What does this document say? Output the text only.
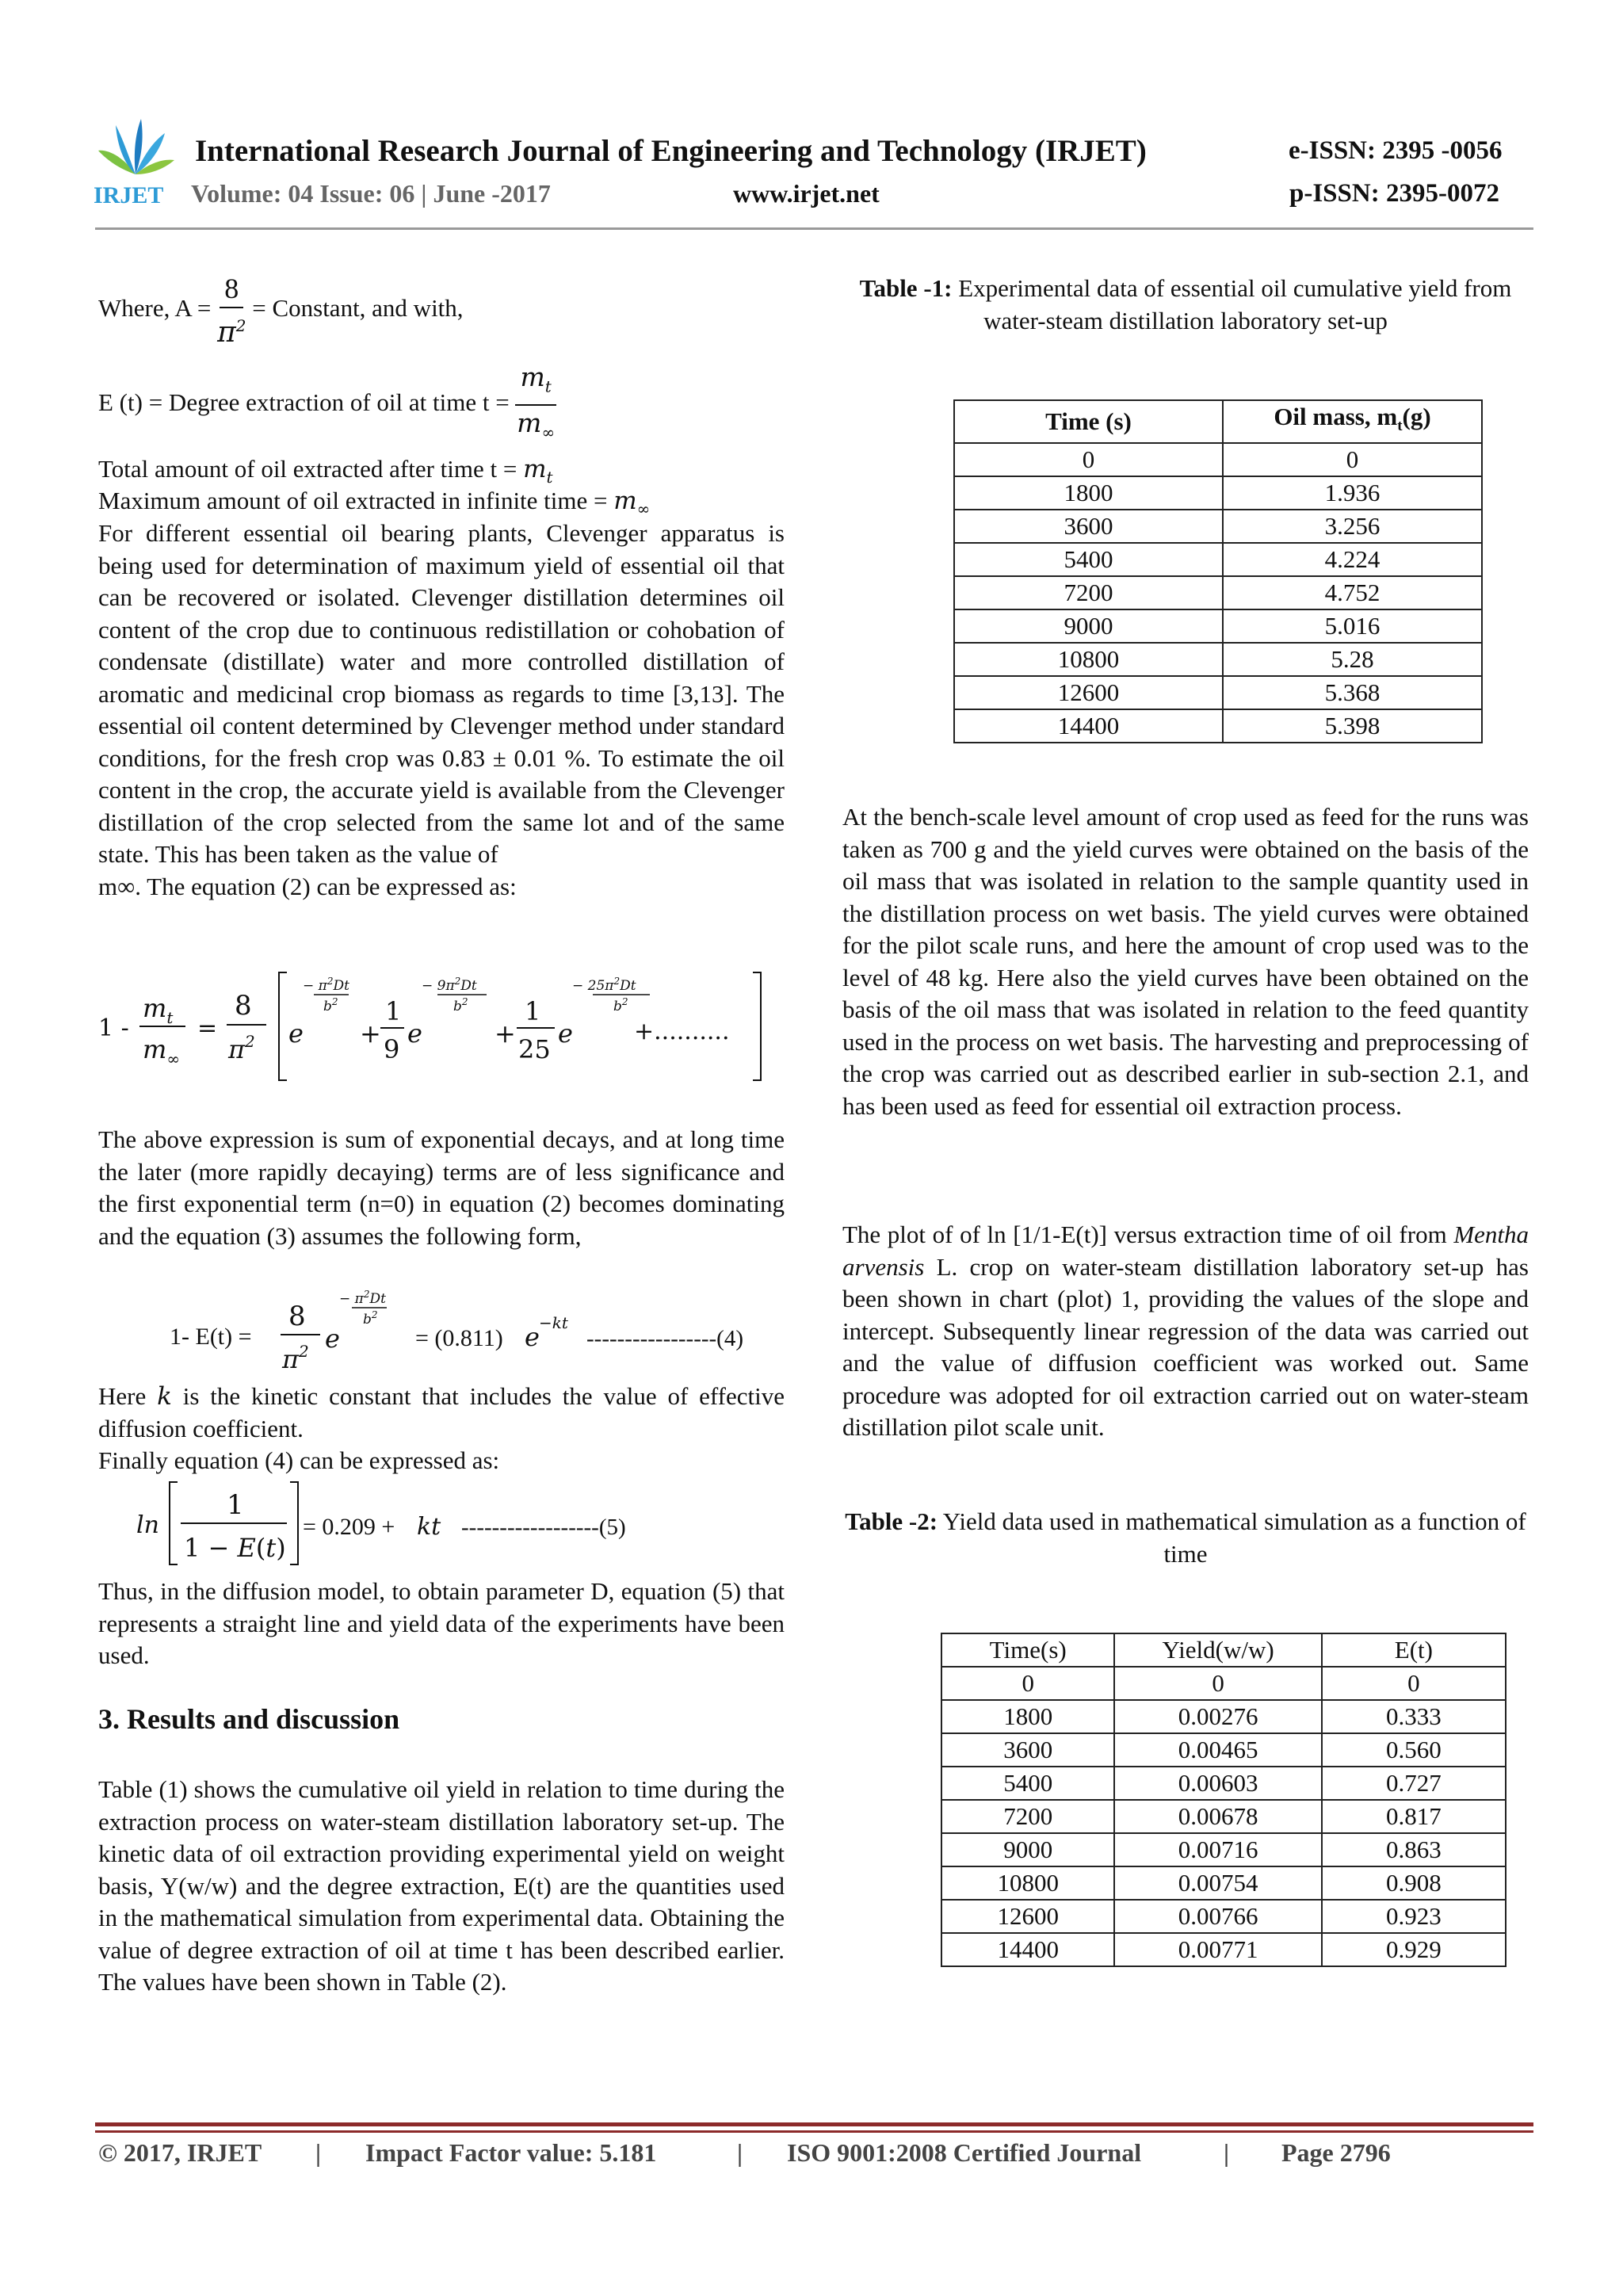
IRJET
International Research Journal of Engineering and Technology (IRJET)
Volume: 04 Issue: 06 | June -2017	www.irjet.net
e-ISSN: 2395 -0056
p-ISSN: 2395-0072
Where, $A = \frac{8}{\pi^2}$ = Constant, and with,
E (t) = Degree extraction of oil at time $t = \frac{m_t}{m_\infty}$
Total amount of oil extracted after time $t = m_t$
Maximum amount of oil extracted in infinite time = $m_\infty$
For different essential oil bearing plants, Clevenger apparatus is being used for determination of maximum yield of essential oil that can be recovered or isolated. Clevenger distillation determines oil content of the crop due to continuous redistillation or cohobation of condensate (distillate) water and more controlled distillation of aromatic and medicinal crop biomass as regards to time [3,13]. The essential oil content determined by Clevenger method under standard conditions, for the fresh crop was 0.83 ± 0.01 %. To estimate the oil content in the crop, the accurate yield is available from the Clevenger distillation of the crop selected from the same lot and of the same state. This has been taken as the value of
m∞. The equation (2) can be expressed as:
1 -
$m_t$
$m_\infty$
=
8
$\pi^2$ e
− $\pi^2Dt$
$b^2$
+
1
9
e
− $9\pi^2Dt$
$b^2$
+
1
25
e
− $25\pi^2Dt$
$b^2$
+..........
The above expression is sum of exponential decays, and at long time the later (more rapidly decaying) terms are of less significance and the first exponential term (n=0) in equation (2) becomes dominating and the equation (3) assumes the following form,
1- E(t) =
8
$\pi^2$ e
− $\pi^2Dt$
$b^2$
= (0.811) e −kt
-----------------(4)
Here k is the kinetic constant that includes the value of effective diffusion coefficient.
Finally equation (4) can be expressed as:
ln
1
1 − E(t)
= 0.209 + kt ------------------(5)
Thus, in the diffusion model, to obtain parameter D, equation (5) that represents a straight line and yield data of the experiments have been used.
3. Results and discussion
Table (1) shows the cumulative oil yield in relation to time during the extraction process on water-steam distillation laboratory set-up. The kinetic data of oil extraction providing experimental yield on weight basis, Y(w/w) and the degree extraction, E(t) are the quantities used in the mathematical simulation from experimental data. Obtaining the value of degree extraction of oil at time t has been described earlier. The values have been shown in Table (2).
Table -1: Experimental data of essential oil cumulative yield from water-steam distillation laboratory set-up
Time (s)	Oil mass, $m_t(g)$
0	0
1800	1.936
3600	3.256
5400	4.224
7200	4.752
9000	5.016
10800	5.28
12600	5.368
14400	5.398
At the bench-scale level amount of crop used as feed for the runs was taken as 700 g and the yield curves were obtained on the basis of the oil mass that was isolated in relation to the sample quantity used in the distillation process on wet basis. The yield curves were obtained for the pilot scale runs, and here the amount of crop used was to the level of 48 kg. Here also the yield curves have been obtained on the basis of the oil mass that was isolated in relation to the feed quantity used in the process on wet basis. The harvesting and preprocessing of the crop was carried out as described earlier in sub-section 2.1, and has been used as feed for essential oil extraction process.
The plot of of ln [1/1-E(t)] versus extraction time of oil from Mentha arvensis L. crop on water-steam distillation laboratory set-up has been shown in chart (plot) 1, providing the values of the slope and intercept. Subsequently linear regression of the data was carried out and the value of diffusion coefficient was worked out. Same procedure was adopted for oil extraction carried out on water-steam distillation pilot scale unit.
Table -2: Yield data used in mathematical simulation as a function of time
Time(s)	Yield(w/w)	E(t)
0	0	0
1800	0.00276	0.333
3600	0.00465	0.560
5400	0.00603	0.727
7200	0.00678	0.817
9000	0.00716	0.863
10800	0.00754	0.908
12600	0.00766	0.923
14400	0.00771	0.929
© 2017, IRJET | Impact Factor value: 5.181	| ISO 9001:2008 Certified Journal	| Page 2796
